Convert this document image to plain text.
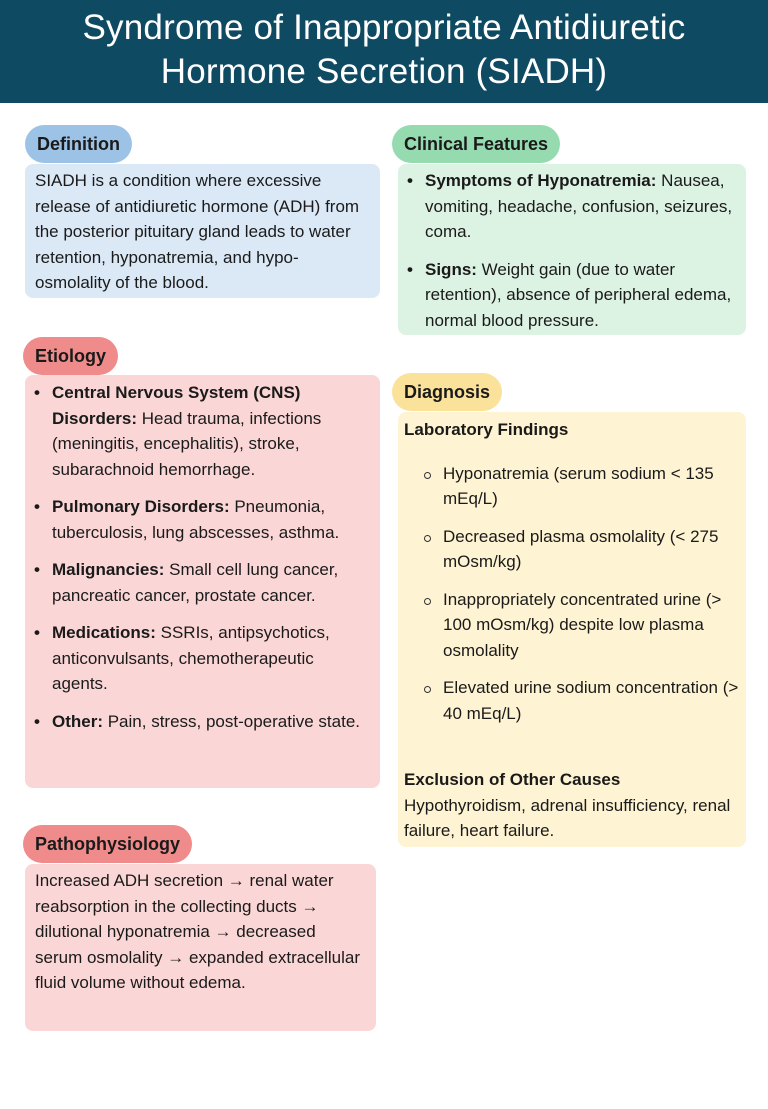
Syndrome of Inappropriate Antidiuretic
Hormone Secretion (SIADH)
Definition
SIADH is a condition where excessive release of antidiuretic hormone (ADH) from the posterior pituitary gland leads to water retention, hyponatremia, and hypo-osmolality of the blood.
Clinical Features
• Symptoms of Hyponatremia: Nausea, vomiting, headache, confusion, seizures, coma.
• Signs: Weight gain (due to water retention), absence of peripheral edema, normal blood pressure.
Etiology
• Central Nervous System (CNS) Disorders: Head trauma, infections (meningitis, encephalitis), stroke, subarachnoid hemorrhage.
• Pulmonary Disorders: Pneumonia, tuberculosis, lung abscesses, asthma.
• Malignancies: Small cell lung cancer, pancreatic cancer, prostate cancer.
• Medications: SSRIs, antipsychotics, anticonvulsants, chemotherapeutic agents.
• Other: Pain, stress, post-operative state.
Diagnosis
Laboratory Findings
Hyponatremia (serum sodium < 135 mEq/L)
Decreased plasma osmolality (< 275 mOsm/kg)
Inappropriately concentrated urine (> 100 mOsm/kg) despite low plasma osmolality
Elevated urine sodium concentration (> 40 mEq/L)
Exclusion of Other Causes
Hypothyroidism, adrenal insufficiency, renal failure, heart failure.
Pathophysiology
Increased ADH secretion → renal water reabsorption in the collecting ducts → dilutional hyponatremia → decreased serum osmolality → expanded extracellular fluid volume without edema.
